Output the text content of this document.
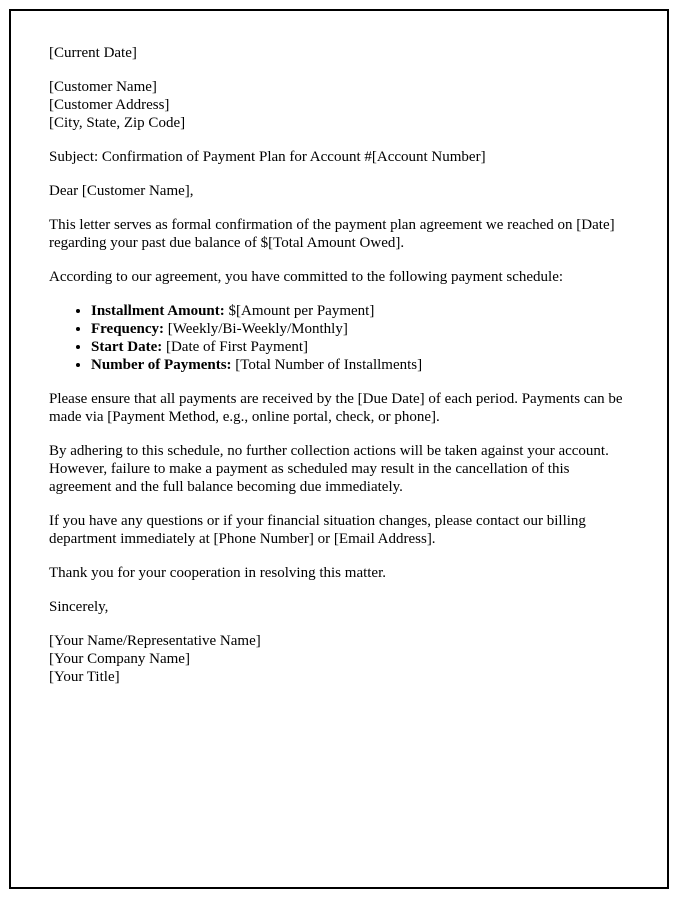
[Current Date]

[Customer Name]
[Customer Address]
[City, State, Zip Code]

Subject: Confirmation of Payment Plan for Account #[Account Number]

Dear [Customer Name],

This letter serves as formal confirmation of the payment plan agreement we reached on [Date] regarding your past due balance of $[Total Amount Owed].

According to our agreement, you have committed to the following payment schedule:

• Installment Amount: $[Amount per Payment]
• Frequency: [Weekly/Bi-Weekly/Monthly]
• Start Date: [Date of First Payment]
• Number of Payments: [Total Number of Installments]

Please ensure that all payments are received by the [Due Date] of each period. Payments can be made via [Payment Method, e.g., online portal, check, or phone].

By adhering to this schedule, no further collection actions will be taken against your account. However, failure to make a payment as scheduled may result in the cancellation of this agreement and the full balance becoming due immediately.

If you have any questions or if your financial situation changes, please contact our billing department immediately at [Phone Number] or [Email Address].

Thank you for your cooperation in resolving this matter.

Sincerely,

[Your Name/Representative Name]
[Your Company Name]
[Your Title]
